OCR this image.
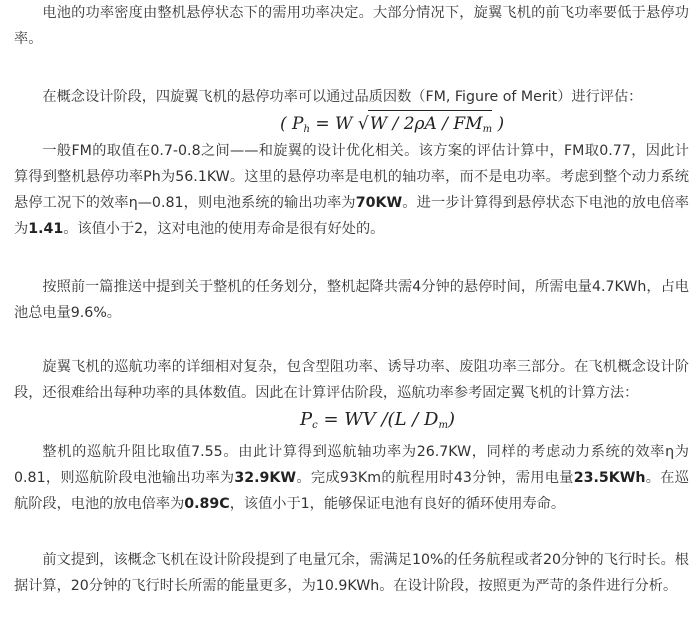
电池的功率密度由整机悬停状态下的需用功率决定。大部分情况下，旋翼飞机的前飞功率要低于悬停功率。

在概念设计阶段，四旋翼飞机的悬停功率可以通过品质因数（FM, Figure of Merit）进行评估：

( $P_h = W$ $√W / 2\rho A / FM_m$ )

一般FM的取值在0.7-0.8之间——和旋翼的设计优化相关。该方案的评估计算中，FM取0.77，因此计算得到整机悬停功率Ph为56.1KW。这里的悬停功率是电机的轴功率，而不是电功率。考虑到整个动力系统悬停工况下的效率η—0.81，则电池系统的输出功率为70KW。进一步计算得到悬停状态下电池的放电倍率为1.41。该值小于2，这对电池的使用寿命是很有好处的。

按照前一篇推送中提到关于整机的任务划分，整机起降共需4分钟的悬停时间，所需电量4.7KWh，占电池总电量9.6%。

旋翼飞机的巡航功率的详细相对复杂，包含型阻功率、诱导功率、废阻功率三部分。在飞机概念设计阶段，还很难给出每种功率的具体数值。因此在计算评估阶段，巡航功率参考固定翼飞机的计算方法：

$P_c$ = WV $/(L / D_m)$

整机的巡航升阻比取值7.55。由此计算得到巡航轴功率为26.7KW，同样的考虑动力系统的效率η为0.81，则巡航阶段电池输出功率为32.9KW。完成93Km的航程用时43分钟，需用电量23.5KWh。在巡航阶段，电池的放电倍率为0.89C，该值小于1，能够保证电池有良好的循环使用寿命。

前文提到，该概念飞机在设计阶段提到了电量冗余，需满足10%的任务航程或者20分钟的飞行时长。根据计算，20分钟的飞行时长所需的能量更多，为10.9KWh。在设计阶段，按照更为严苛的条件进行分析。
